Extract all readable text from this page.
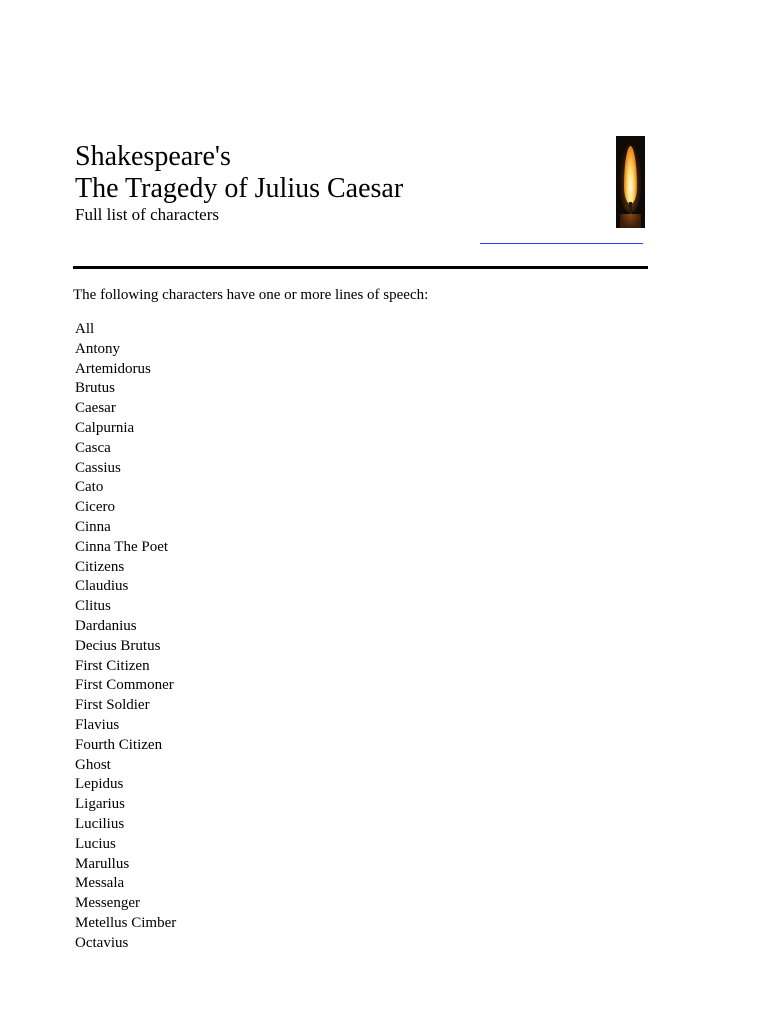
Shakespeare's
The Tragedy of Julius Caesar

Full list of characters

The following characters have one or more lines of speech:

All
Antony
Artemidorus
Brutus
Caesar
Calpurnia
Casca
Cassius
Cato
Cicero
Cinna
Cinna The Poet
Citizens
Claudius
Clitus
Dardanius
Decius Brutus
First Citizen
First Commoner
First Soldier
Flavius
Fourth Citizen
Ghost
Lepidus
Ligarius
Lucilius
Lucius
Marullus
Messala
Messenger
Metellus Cimber
Octavius
